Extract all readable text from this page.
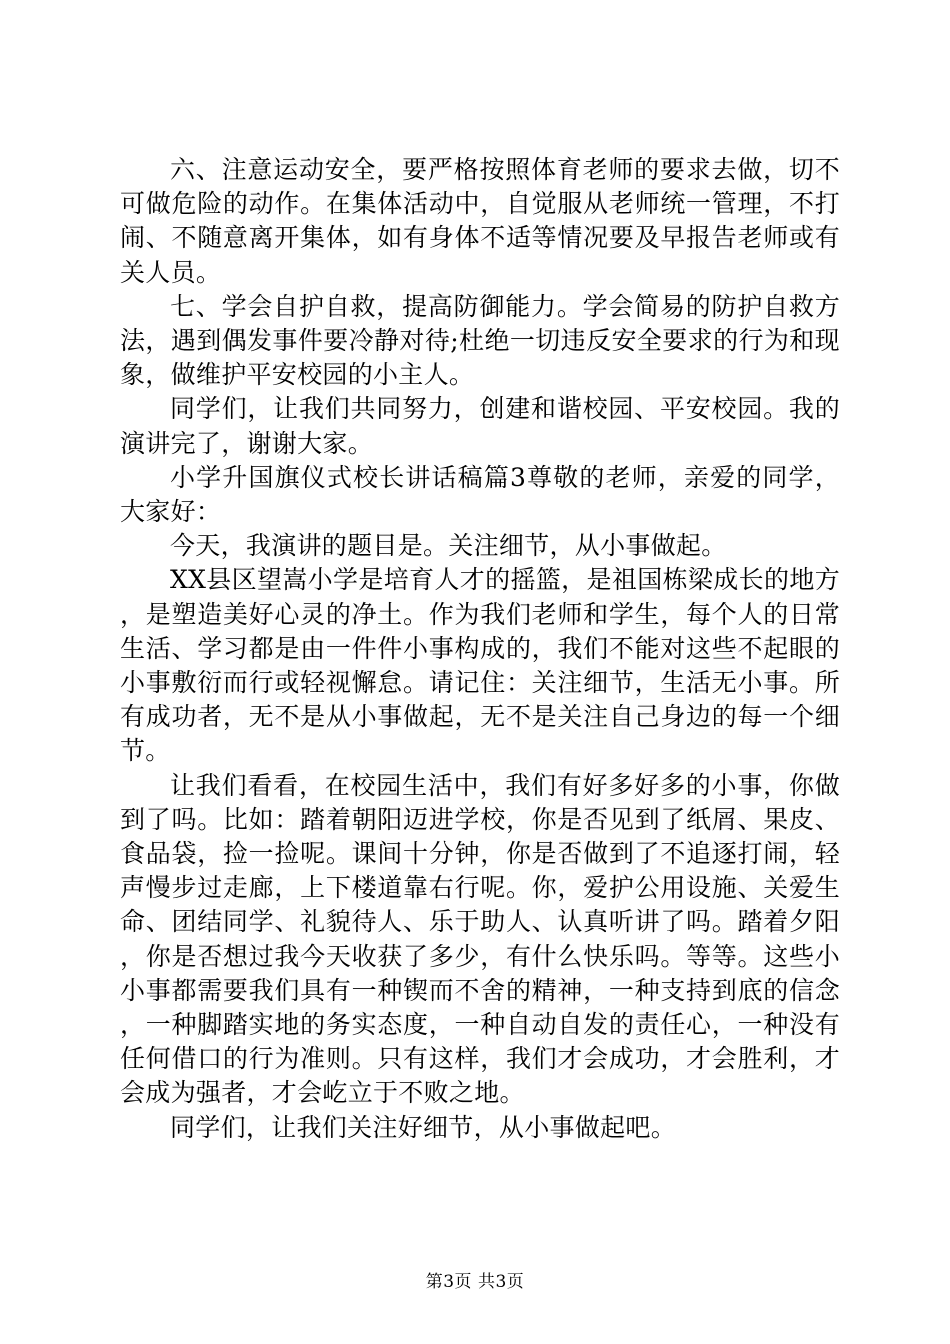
六、注意运动安全，要严格按照体育老师的要求去做，切不可做危险的动作。在集体活动中，自觉服从老师统一管理，不打闹、不随意离开集体，如有身体不适等情况要及早报告老师或有关人员。

七、学会自护自救，提高防御能力。学会简易的防护自救方法，遇到偶发事件要冷静对待;杜绝一切违反安全要求的行为和现象，做维护平安校园的小主人。

同学们，让我们共同努力，创建和谐校园、平安校园。我的演讲完了，谢谢大家。

小学升国旗仪式校长讲话稿篇3尊敬的老师，亲爱的同学，大家好：

今天，我演讲的题目是。关注细节，从小事做起。

XX县区望嵩小学是培育人才的摇篮，是祖国栋梁成长的地方，是塑造美好心灵的净土。作为我们老师和学生，每个人的日常生活、学习都是由一件件小事构成的，我们不能对这些不起眼的小事敷衍而行或轻视懈怠。请记住：关注细节，生活无小事。所有成功者，无不是从小事做起，无不是关注自己身边的每一个细节。

让我们看看，在校园生活中，我们有好多好多的小事，你做到了吗。比如：踏着朝阳迈进学校，你是否见到了纸屑、果皮、食品袋，捡一捡呢。课间十分钟，你是否做到了不追逐打闹，轻声慢步过走廊，上下楼道靠右行呢。你，爱护公用设施、关爱生命、团结同学、礼貌待人、乐于助人、认真听讲了吗。踏着夕阳，你是否想过我今天收获了多少，有什么快乐吗。等等。这些小小事都需要我们具有一种锲而不舍的精神，一种支持到底的信念，一种脚踏实地的务实态度，一种自动自发的责任心，一种没有任何借口的行为准则。只有这样，我们才会成功，才会胜利，才会成为强者，才会屹立于不败之地。

同学们，让我们关注好细节，从小事做起吧。

第3页 共3页
